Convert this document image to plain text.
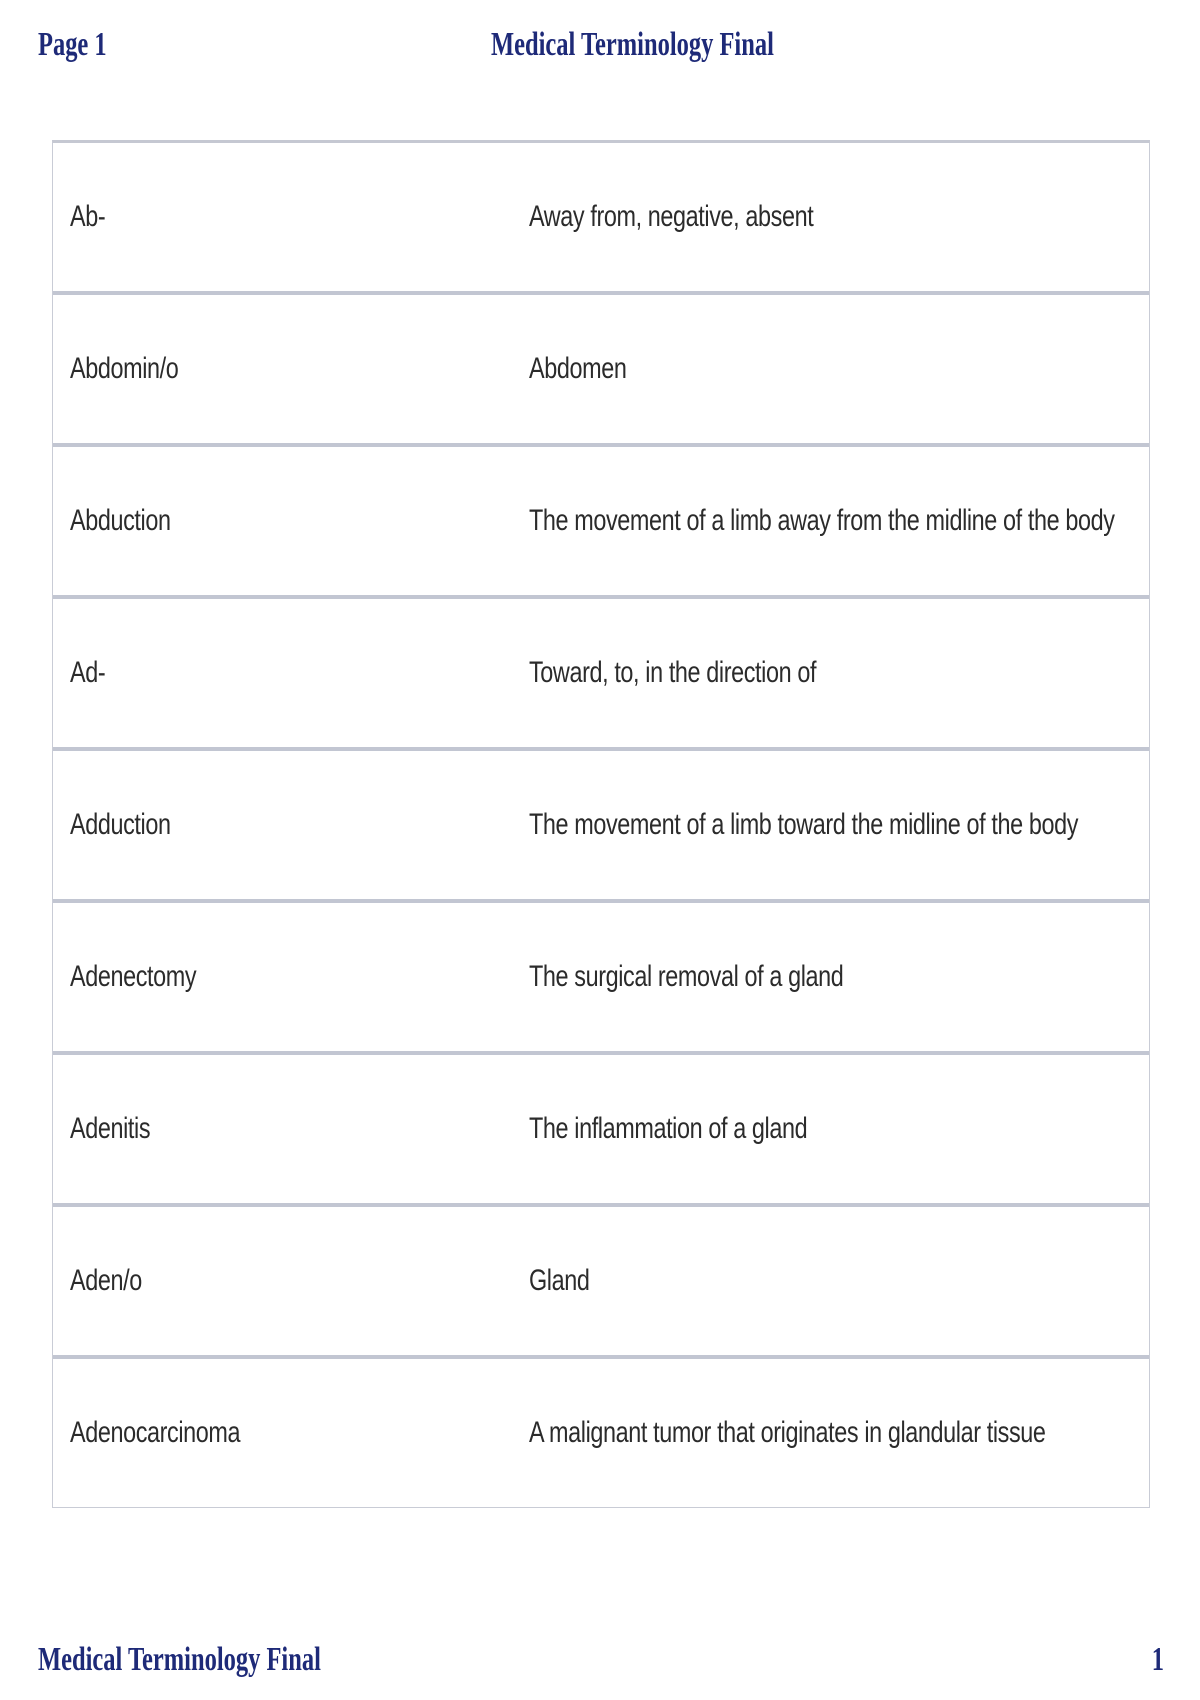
Page 1	Medical Terminology Final
Ab-	Away from, negative, absent
Abdomin/o	Abdomen
Abduction	The movement of a limb away from the midline of the body
Ad-	Toward, to, in the direction of
Adduction	The movement of a limb toward the midline of the body
Adenectomy	The surgical removal of a gland
Adenitis	The inflammation of a gland
Aden/o	Gland
Adenocarcinoma	A malignant tumor that originates in glandular tissue
Medical Terminology Final	1
